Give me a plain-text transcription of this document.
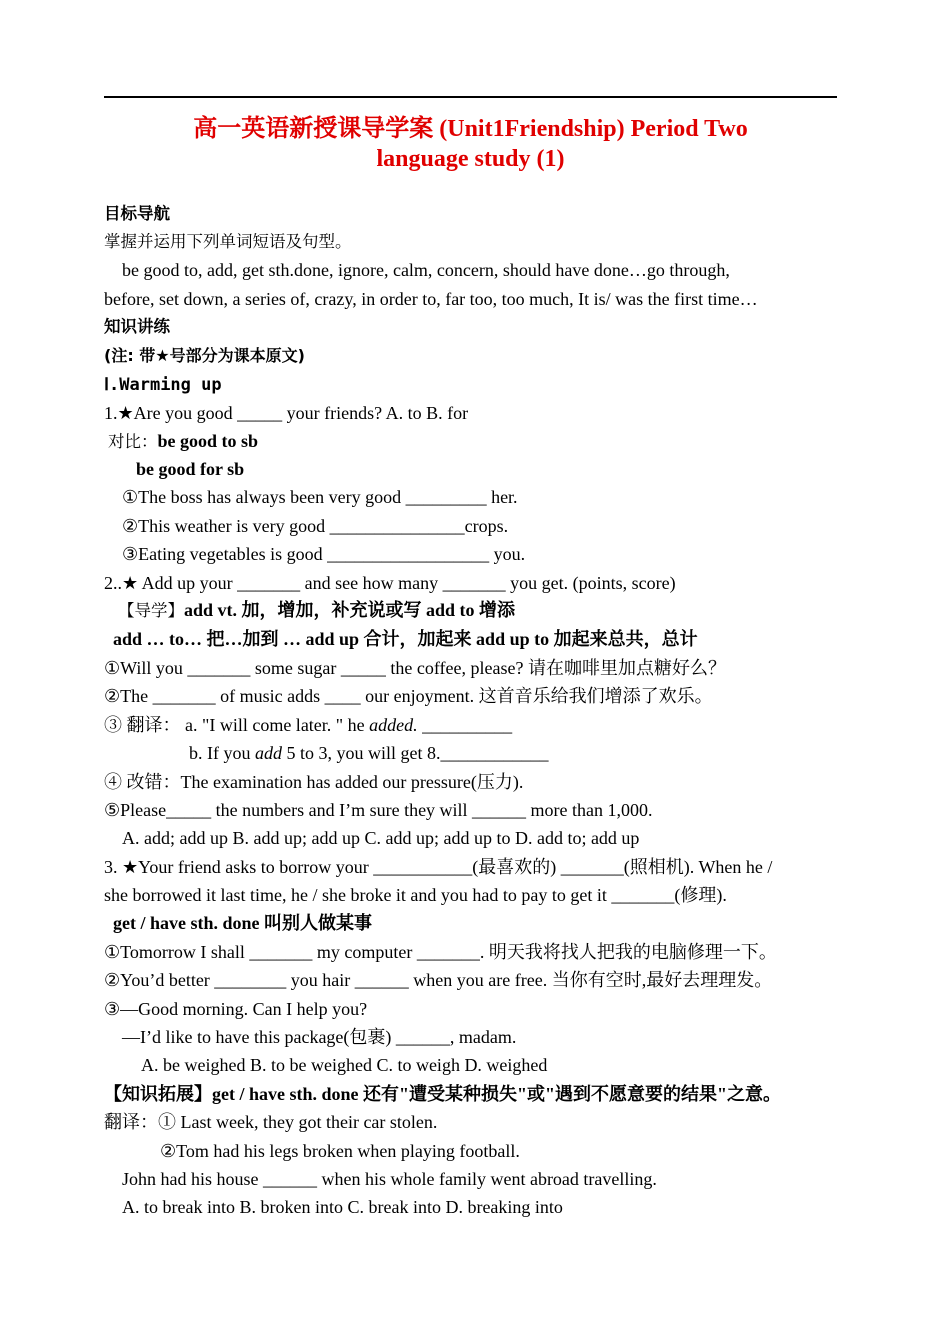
高一英语新授课导学案 (Unit1Friendship) Period Two
language study (1)
目标导航
掌握并运用下列单词短语及句型。
be good to, add, get sth.done, ignore, calm, concern, should have done…go through,
before, set down, a series of, crazy, in order to, far too, too much, It is/ was the first time…
知识讲练
(注: 带★号部分为课本原文)
Ⅰ.Warming up
1.★Are you good _____ your friends? A. to B. for
对比：be good to sb
be good for sb
①The boss has always been very good _________ her.
②This weather is very good _______________crops.
③Eating vegetables is good __________________ you.
2..★ Add up your _______ and see how many _______ you get. (points, score)
【导学】add vt. 加，增加，补充说或写 add to 增添
add … to… 把…加到 … add up 合计，加起来 add up to 加起来总共，总计
①Will you _______ some sugar _____ the coffee, please? 请在咖啡里加点糖好么？
②The _______ of music adds ____ our enjoyment. 这首音乐给我们增添了欢乐。
③ 翻译： a. "I will come later. " he added. __________
b. If you add 5 to 3, you will get 8.____________
④ 改错：The examination has added our pressure(压力).
⑤Please_____ the numbers and I’m sure they will ______ more than 1,000.
A. add; add up B. add up; add up C. add up; add up to D. add to; add up
3. ★Your friend asks to borrow your ___________(最喜欢的) _______(照相机). When he /
she borrowed it last time, he / she broke it and you had to pay to get it _______(修理).
get / have sth. done 叫别人做某事
①Tomorrow I shall _______ my computer _______. 明天我将找人把我的电脑修理一下。
②You’d better ________ you hair ______ when you are free. 当你有空时,最好去理理发。
③—Good morning. Can I help you?
—I’d like to have this package(包裹) ______, madam.
A. be weighed B. to be weighed C. to weigh D. weighed
【知识拓展】get / have sth. done 还有"遭受某种损失"或"遇到不愿意要的结果"之意。
翻译：① Last week, they got their car stolen.
②Tom had his legs broken when playing football.
John had his house ______ when his whole family went abroad travelling.
A. to break into B. broken into C. break into D. breaking into
